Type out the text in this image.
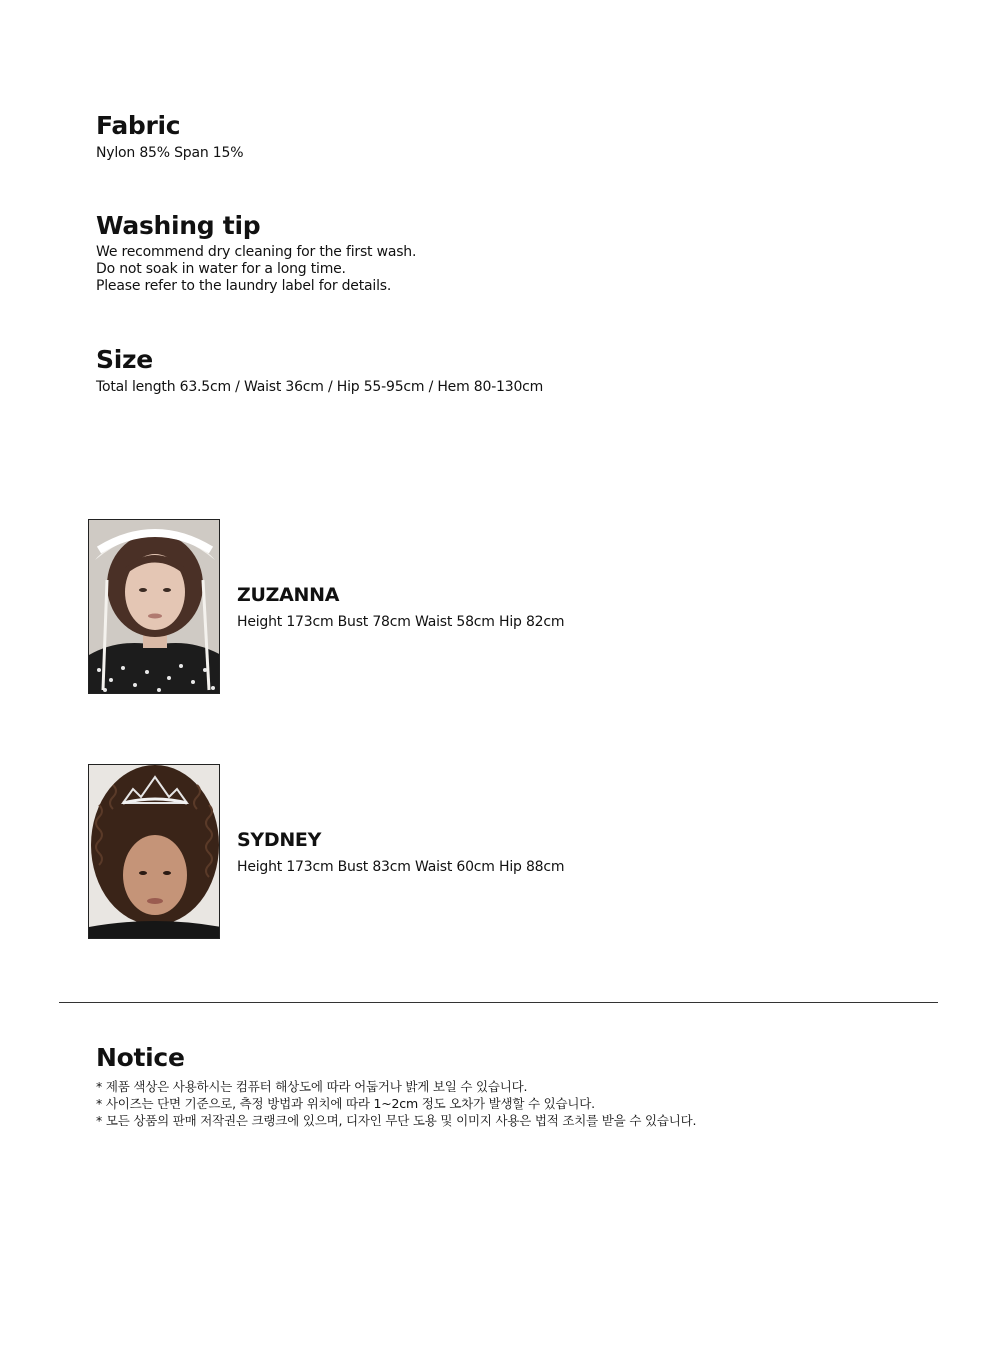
Fabric
Nylon 85% Span 15%
Washing tip
We recommend dry cleaning for the first wash.
Do not soak in water for a long time.
Please refer to the laundry label for details.
Size
Total length 63.5cm / Waist 36cm / Hip 55-95cm / Hem 80-130cm
ZUZANNA
Height 173cm Bust 78cm Waist 58cm Hip 82cm
SYDNEY
Height 173cm Bust 83cm Waist 60cm Hip 88cm
Notice
* 제품 색상은 사용하시는 컴퓨터 해상도에 따라 어둡거나 밝게 보일 수 있습니다.
* 사이즈는 단면 기준으로, 측정 방법과 위치에 따라 1~2cm 정도 오차가 발생할 수 있습니다.
* 모든 상품의 판매 저작권은 크랭크에 있으며, 디자인 무단 도용 및 이미지 사용은 법적 조치를 받을 수 있습니다.
